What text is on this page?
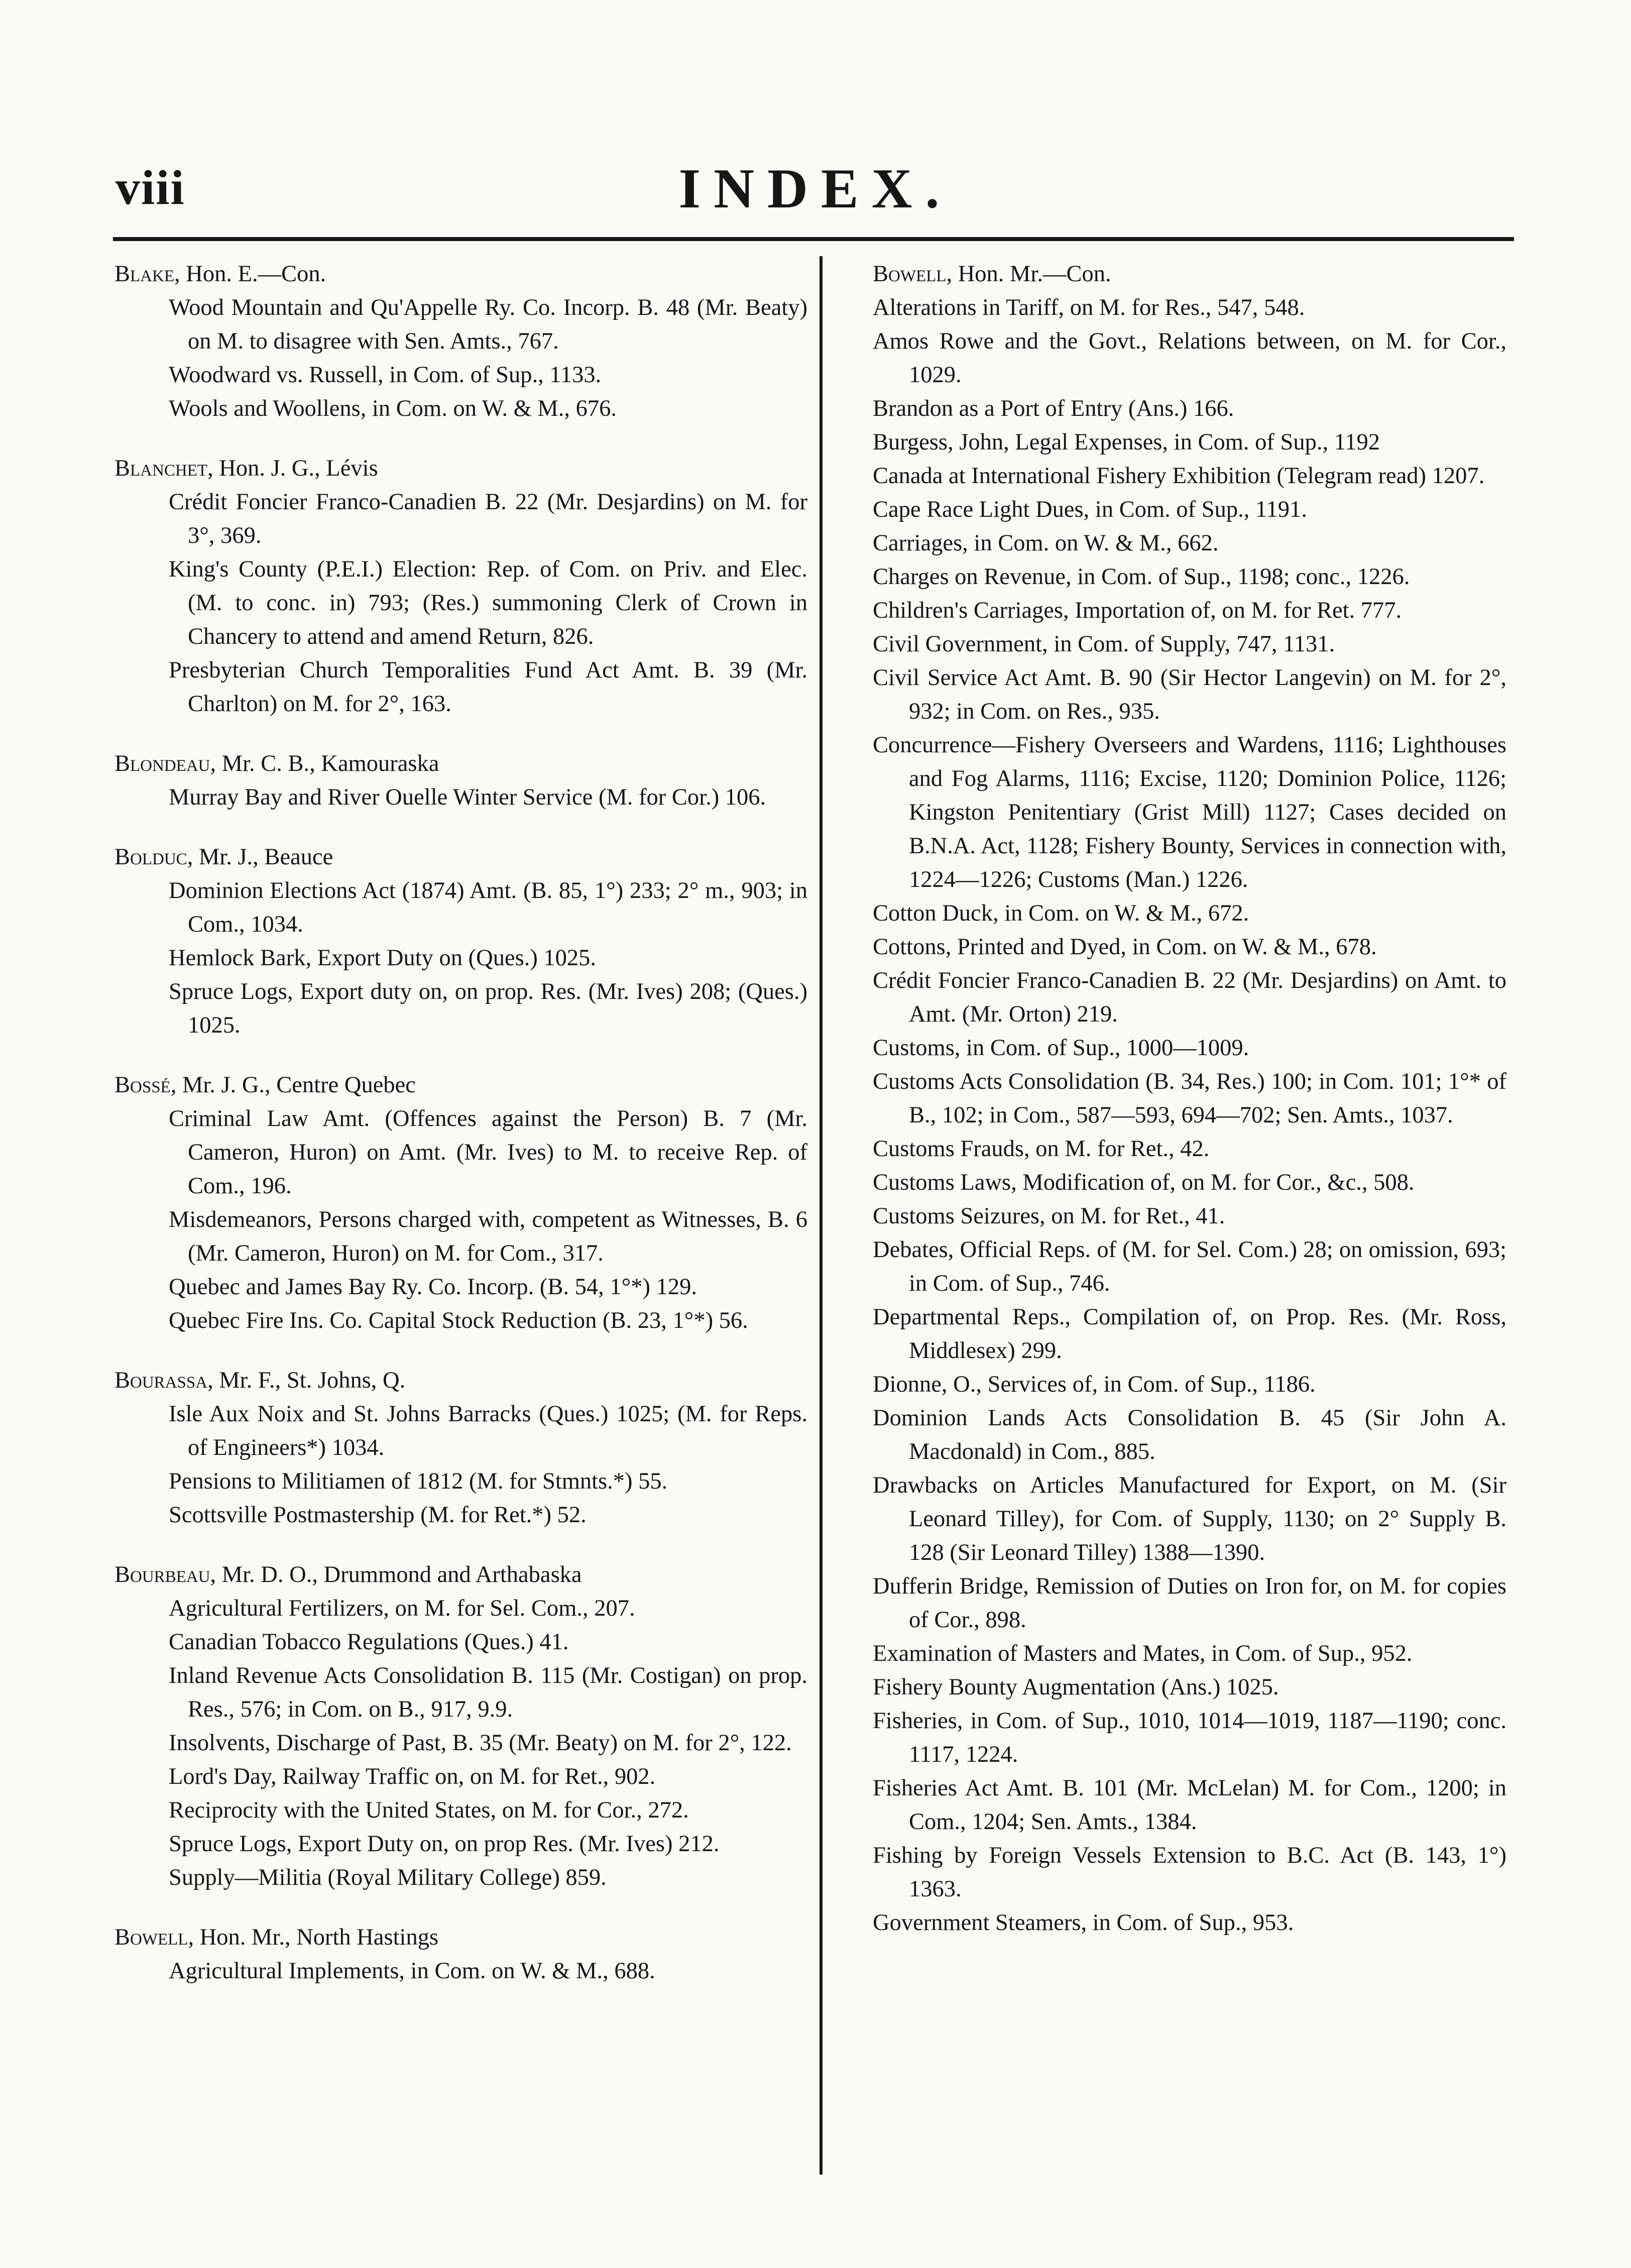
viii	INDEX.
Blake, Hon. E.—Con.
Wood Mountain and Qu'Appelle Ry. Co. Incorp. B. 48 (Mr. Beaty) on M. to disagree with Sen. Amts., 767.
Woodward vs. Russell, in Com. of Sup., 1133.
Wools and Woollens, in Com. on W. & M., 676.
Blanchet, Hon. J. G., Lévis
Crédit Foncier Franco-Canadien B. 22 (Mr. Desjardins) on M. for 3°, 369.
King's County (P.E.I.) Election: Rep. of Com. on Priv. and Elec. (M. to conc. in) 793; (Res.) summoning Clerk of Crown in Chancery to attend and amend Return, 826.
Presbyterian Church Temporalities Fund Act Amt. B. 39 (Mr. Charlton) on M. for 2°, 163.
Blondeau, Mr. C. B., Kamouraska
Murray Bay and River Ouelle Winter Service (M. for Cor.) 106.
Bolduc, Mr. J., Beauce
Dominion Elections Act (1874) Amt. (B. 85, 1°) 233; 2° m., 903; in Com., 1034.
Hemlock Bark, Export Duty on (Ques.) 1025.
Spruce Logs, Export duty on, on prop. Res. (Mr. Ives) 208; (Ques.) 1025.
Bossé, Mr. J. G., Centre Quebec
Criminal Law Amt. (Offences against the Person) B. 7 (Mr. Cameron, Huron) on Amt. (Mr. Ives) to M. to receive Rep. of Com., 196.
Misdemeanors, Persons charged with, competent as Witnesses, B. 6 (Mr. Cameron, Huron) on M. for Com., 317.
Quebec and James Bay Ry. Co. Incorp. (B. 54, 1°*) 129.
Quebec Fire Ins. Co. Capital Stock Reduction (B. 23, 1°*) 56.
Bourassa, Mr. F., St. Johns, Q.
Isle Aux Noix and St. Johns Barracks (Ques.) 1025; (M. for Reps. of Engineers*) 1034.
Pensions to Militiamen of 1812 (M. for Stmnts.*) 55.
Scottsville Postmastership (M. for Ret.*) 52.
Bourbeau, Mr. D. O., Drummond and Arthabaska
Agricultural Fertilizers, on M. for Sel. Com., 207.
Canadian Tobacco Regulations (Ques.) 41.
Inland Revenue Acts Consolidation B. 115 (Mr. Costigan) on prop. Res., 576; in Com. on B., 917, 9.9.
Insolvents, Discharge of Past, B. 35 (Mr. Beaty) on M. for 2°, 122.
Lord's Day, Railway Traffic on, on M. for Ret., 902.
Reciprocity with the United States, on M. for Cor., 272.
Spruce Logs, Export Duty on, on prop Res. (Mr. Ives) 212.
Supply—Militia (Royal Military College) 859.
Bowell, Hon. Mr., North Hastings
Agricultural Implements, in Com. on W. & M., 688.
Bowell, Hon. Mr.—Con.
Alterations in Tariff, on M. for Res., 547, 548.
Amos Rowe and the Govt., Relations between, on M. for Cor., 1029.
Brandon as a Port of Entry (Ans.) 166.
Burgess, John, Legal Expenses, in Com. of Sup., 1192
Canada at International Fishery Exhibition (Telegram read) 1207.
Cape Race Light Dues, in Com. of Sup., 1191.
Carriages, in Com. on W. & M., 662.
Charges on Revenue, in Com. of Sup., 1198; conc., 1226.
Children's Carriages, Importation of, on M. for Ret. 777.
Civil Government, in Com. of Supply, 747, 1131.
Civil Service Act Amt. B. 90 (Sir Hector Langevin) on M. for 2°, 932; in Com. on Res., 935.
Concurrence—Fishery Overseers and Wardens, 1116; Lighthouses and Fog Alarms, 1116; Excise, 1120; Dominion Police, 1126; Kingston Penitentiary (Grist Mill) 1127; Cases decided on B.N.A. Act, 1128; Fishery Bounty, Services in connection with, 1224—1226; Customs (Man.) 1226.
Cotton Duck, in Com. on W. & M., 672.
Cottons, Printed and Dyed, in Com. on W. & M., 678.
Crédit Foncier Franco-Canadien B. 22 (Mr. Desjardins) on Amt. to Amt. (Mr. Orton) 219.
Customs, in Com. of Sup., 1000—1009.
Customs Acts Consolidation (B. 34, Res.) 100; in Com. 101; 1°* of B., 102; in Com., 587—593, 694—702; Sen. Amts., 1037.
Customs Frauds, on M. for Ret., 42.
Customs Laws, Modification of, on M. for Cor., &c., 508.
Customs Seizures, on M. for Ret., 41.
Debates, Official Reps. of (M. for Sel. Com.) 28; on omission, 693; in Com. of Sup., 746.
Departmental Reps., Compilation of, on Prop. Res. (Mr. Ross, Middlesex) 299.
Dionne, O., Services of, in Com. of Sup., 1186.
Dominion Lands Acts Consolidation B. 45 (Sir John A. Macdonald) in Com., 885.
Drawbacks on Articles Manufactured for Export, on M. (Sir Leonard Tilley), for Com. of Supply, 1130; on 2° Supply B. 128 (Sir Leonard Tilley) 1388—1390.
Dufferin Bridge, Remission of Duties on Iron for, on M. for copies of Cor., 898.
Examination of Masters and Mates, in Com. of Sup., 952.
Fishery Bounty Augmentation (Ans.) 1025.
Fisheries, in Com. of Sup., 1010, 1014—1019, 1187—1190; conc. 1117, 1224.
Fisheries Act Amt. B. 101 (Mr. McLelan) M. for Com., 1200; in Com., 1204; Sen. Amts., 1384.
Fishing by Foreign Vessels Extension to B.C. Act (B. 143, 1°) 1363.
Government Steamers, in Com. of Sup., 953.
